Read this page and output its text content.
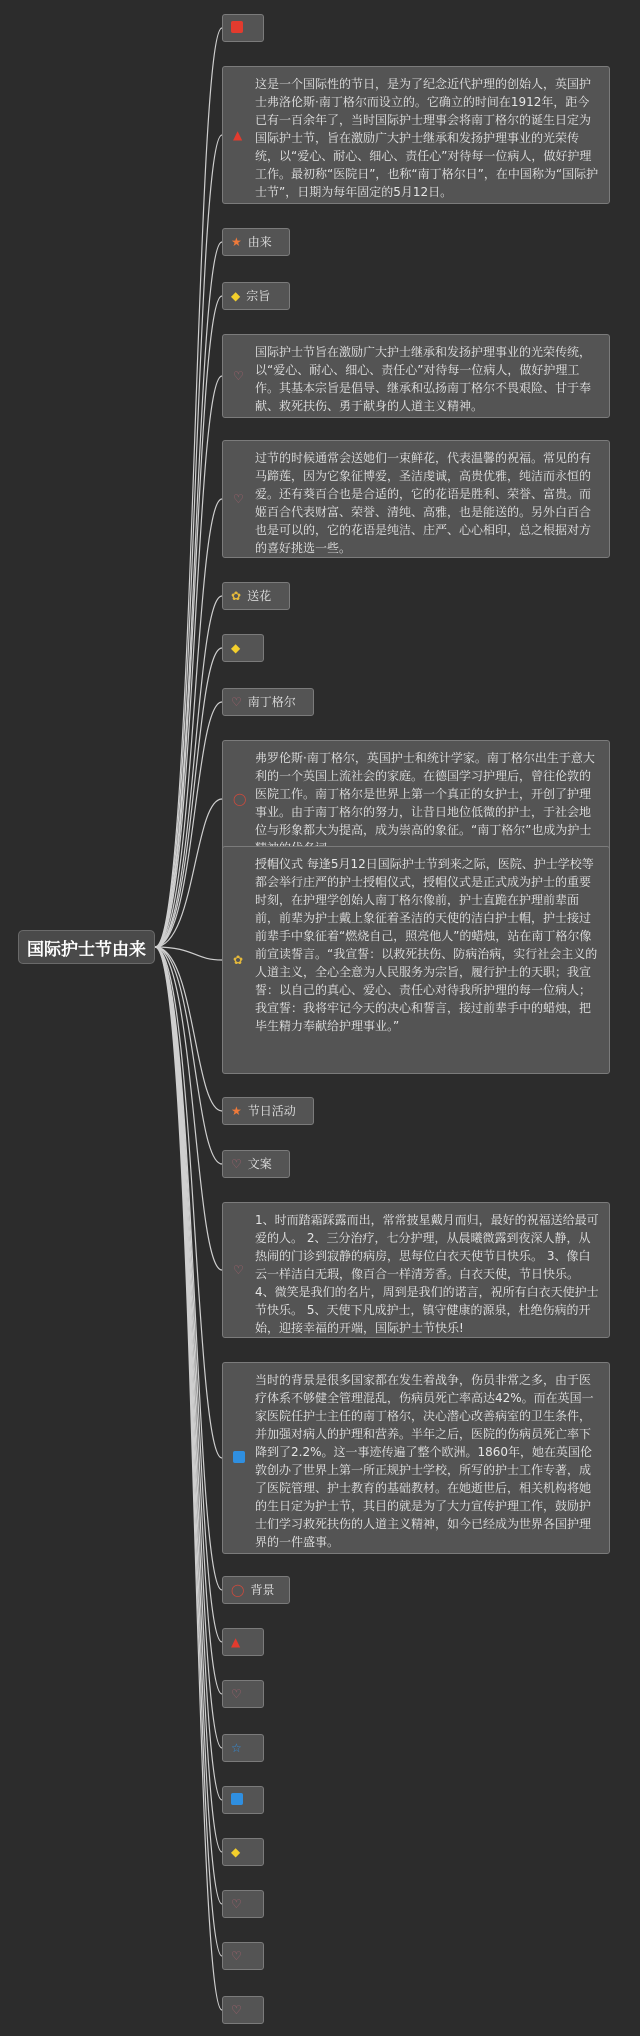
国际护士节由来
▲
这是一个国际性的节日，是为了纪念近代护理的创始人，英国护士弗洛伦斯·南丁格尔而设立的。它确立的时间在1912年，距今已有一百余年了，当时国际护士理事会将南丁格尔的诞生日定为国际护士节，旨在激励广大护士继承和发扬护理事业的光荣传统，以“爱心、耐心、细心、责任心”对待每一位病人，做好护理工作。最初称“医院日”，也称“南丁格尔日”，在中国称为“国际护士节”，日期为每年固定的5月12日。
★ 由来
◆ 宗旨
♡
国际护士节旨在激励广大护士继承和发扬护理事业的光荣传统，以“爱心、耐心、细心、责任心”对待每一位病人，做好护理工作。其基本宗旨是倡导、继承和弘扬南丁格尔不畏艰险、甘于奉献、救死扶伤、勇于献身的人道主义精神。
♡
过节的时候通常会送她们一束鲜花，代表温馨的祝福。常见的有马蹄莲，因为它象征博爱，圣洁虔诚，高贵优雅，纯洁而永恒的爱。还有葵百合也是合适的，它的花语是胜利、荣誉、富贵。而姬百合代表财富、荣誉、清纯、高雅，也是能送的。另外白百合也是可以的，它的花语是纯洁、庄严、心心相印，总之根据对方的喜好挑选一些。
✿ 送花
◆
♡ 南丁格尔
◯
弗罗伦斯·南丁格尔，英国护士和统计学家。南丁格尔出生于意大利的一个英国上流社会的家庭。在德国学习护理后，曾往伦敦的医院工作。南丁格尔是世界上第一个真正的女护士，开创了护理事业。由于南丁格尔的努力，让昔日地位低微的护士，于社会地位与形象都大为提高，成为崇高的象征。“南丁格尔”也成为护士
✿
授帽仪式 每逢5月12日国际护士节到来之际，医院、护士学校等都会举行庄严的护士授帽仪式，授帽仪式是正式成为护士的重要时刻，在护理学创始人南丁格尔像前，护士直跪在护理前辈面前，前辈为护士戴上象征着圣洁的天使的洁白护士帽，护士接过前辈手中象征着“燃烧自己，照亮他人”的蜡烛，站在南丁格尔像前宣读誓言。“我宣誓：以救死扶伤、防病治病，实行社会主义的人道主义，全心全意为人民服务为宗旨，履行护士的天职；我宣誓：以自己的真心、爱心、责任心对待我所护理的每一位病人；我宣誓：我将牢记今天的决心和誓言，接过前辈手中的蜡烛，把毕生精力奉献给护理事业。”
★ 节日活动
♡ 文案
♡
1、时而踏霜踩露而出，常常披星戴月而归，最好的祝福送给最可爱的人。 2、三分治疗，七分护理，从晨曦微露到夜深人静，从热闹的门诊到寂静的病房，思每位白衣天使节日快乐。 3、像白云一样洁白无瑕，像百合一样清芳香。白衣天使，节日快乐。 4、微笑是我们的名片，周到是我们的诺言，祝所有白衣天使护士节快乐。 5、天使下凡成护士，镇守健康的源泉，杜绝伤病的开始，迎接幸福的开端，国际护士节快乐!
当时的背景是很多国家都在发生着战争，伤员非常之多，由于医疗体系不够健全管理混乱，伤病员死亡率高达42%。而在英国一家医院任护士主任的南丁格尔，决心潜心改善病室的卫生条件，并加强对病人的护理和营养。半年之后，医院的伤病员死亡率下降到了2.2%。这一事迹传遍了整个欧洲。1860年，她在英国伦敦创办了世界上第一所正规护士学校，所写的护士工作专著，成了医院管理、护士教育的基础教材。在她逝世后，相关机构将她的生日定为护士节，其目的就是为了大力宣传护理工作，鼓励护士们学习救死扶伤的人道主义精神，如今已经成为世界各国护理界的一件盛事。
◯ 背景
▲
♡
☆
◆
♡
♡
♡
